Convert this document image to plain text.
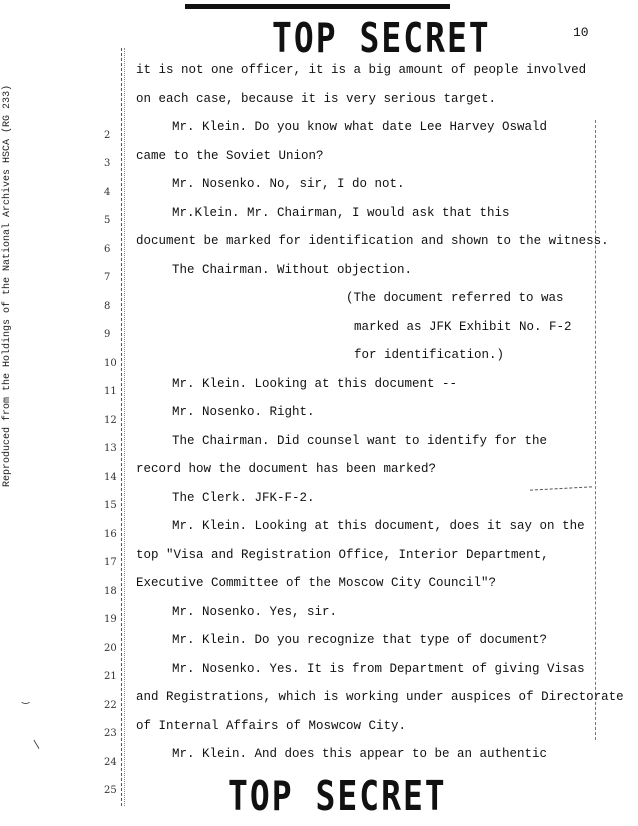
TOP SECRET	10
Reproduced from the Holdings of the National Archives HSCA (RG 233)
‿
/
it is not one officer, it is a big amount of people involved
2
on each case, because it is very serious target.
3
Mr. Klein. Do you know what date Lee Harvey Oswald
4
came to the Soviet Union?
5
Mr. Nosenko. No, sir, I do not.
6
Mr.Klein. Mr. Chairman, I would ask that this
7
document be marked for identification and shown to the witness.
8
The Chairman. Without objection.
9
(The document referred to was
10
marked as JFK Exhibit No. F-2
11
for identification.)
12
Mr. Klein. Looking at this document --
13
Mr. Nosenko. Right.
14
The Chairman. Did counsel want to identify for the
15
record how the document has been marked?
16
The Clerk. JFK-F-2.
17
Mr. Klein. Looking at this document, does it say on the
18
top "Visa and Registration Office, Interior Department,
19
Executive Committee of the Moscow City Council"?
20
Mr. Nosenko. Yes, sir.
21
Mr. Klein. Do you recognize that type of document?
22
Mr. Nosenko. Yes. It is from Department of giving Visas
23
and Registrations, which is working under auspices of Directorate
24
of Internal Affairs of Moswcow City.
25
Mr. Klein. And does this appear to be an authentic
TOP SECRET
